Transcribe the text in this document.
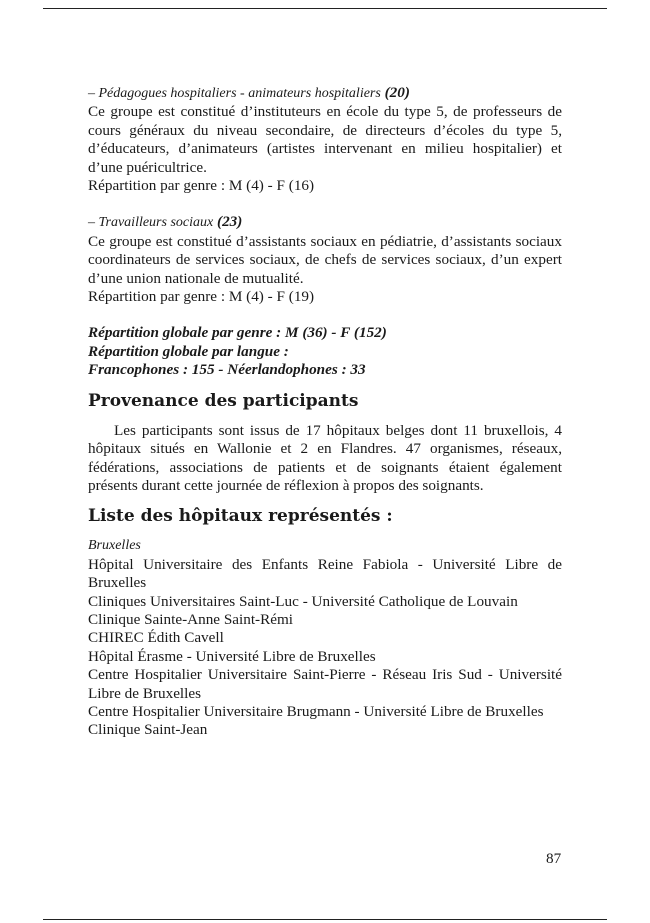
– Pédagogues hospitaliers - animateurs hospitaliers (20)

Ce groupe est constitué d’instituteurs en école du type 5, de professeurs de cours généraux du niveau secondaire, de directeurs d’écoles du type 5, d’éducateurs, d’animateurs (artistes intervenant en milieu hospitalier) et d’une puéricultrice.

Répartition par genre : M (4) - F (16)

– Travailleurs sociaux (23)

Ce groupe est constitué d’assistants sociaux en pédiatrie, d’assistants sociaux coordinateurs de services sociaux, de chefs de services sociaux, d’un expert d’une union nationale de mutualité.

Répartition par genre : M (4) - F (19)

Répartition globale par genre : M (36) - F (152)

Répartition globale par langue :

Francophones : 155 - Néerlandophones : 33

Provenance des participants

Les participants sont issus de 17 hôpitaux belges dont 11 bruxellois, 4 hôpitaux situés en Wallonie et 2 en Flandres. 47 organismes, réseaux, fédérations, associations de patients et de soignants étaient également présents durant cette journée de réflexion à propos des soignants.

Liste des hôpitaux représentés :

Bruxelles

Hôpital Universitaire des Enfants Reine Fabiola - Université Libre de Bruxelles

Cliniques Universitaires Saint-Luc - Université Catholique de Louvain

Clinique Sainte-Anne Saint-Rémi

CHIREC Édith Cavell

Hôpital Érasme - Université Libre de Bruxelles

Centre Hospitalier Universitaire Saint-Pierre - Réseau Iris Sud - Université Libre de Bruxelles

Centre Hospitalier Universitaire Brugmann - Université Libre de Bruxelles

Clinique Saint-Jean

87
